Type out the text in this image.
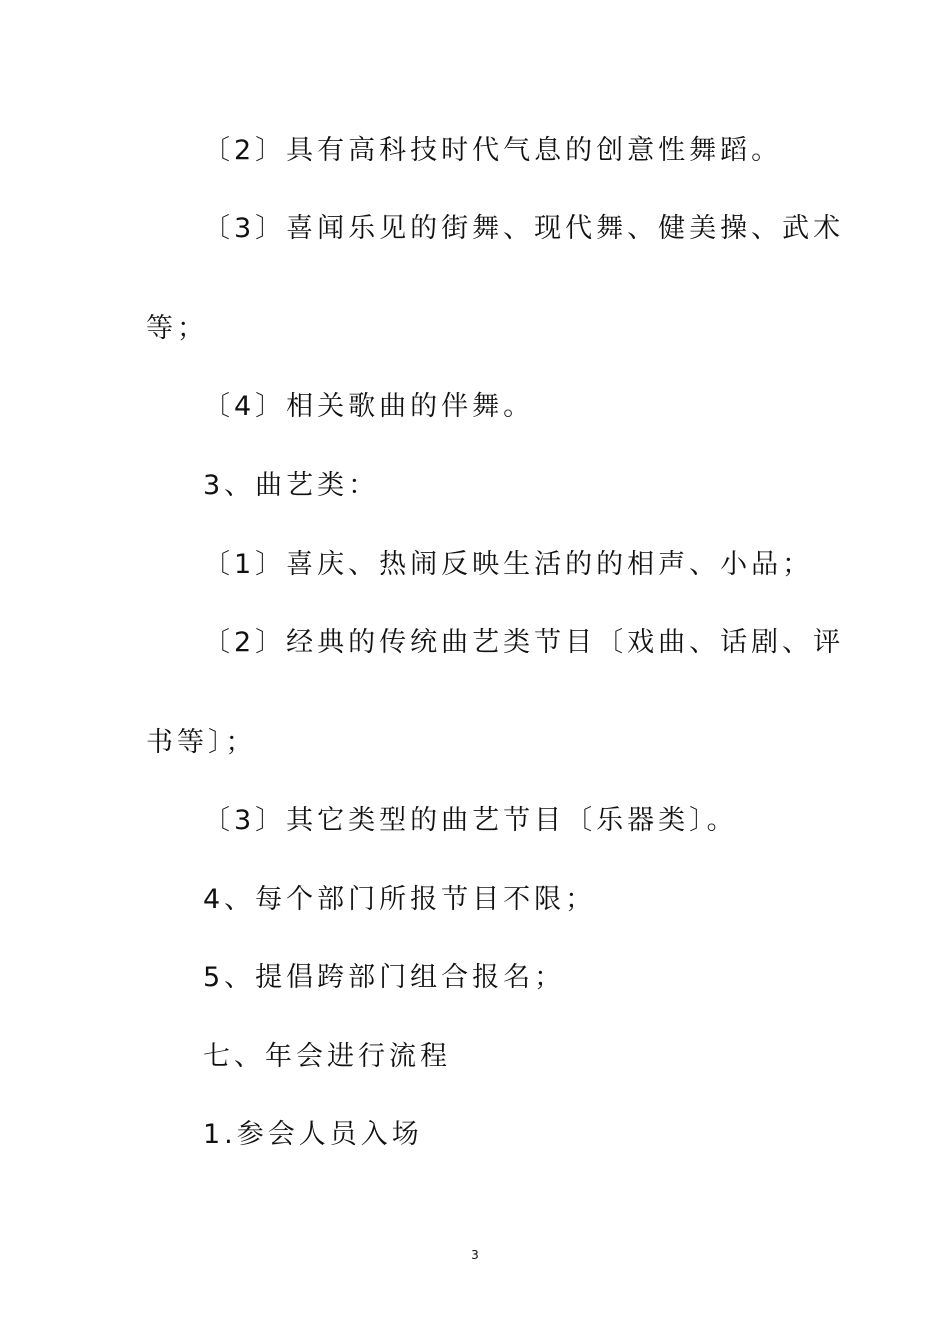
〔2〕具有高科技时代气息的创意性舞蹈。
〔3〕喜闻乐见的街舞、现代舞、健美操、武术
等；
〔4〕相关歌曲的伴舞。
3、曲艺类：
〔1〕喜庆、热闹反映生活的的相声、小品；
〔2〕经典的传统曲艺类节目〔戏曲、话剧、评
书等〕；
〔3〕其它类型的曲艺节目〔乐器类〕。
4、每个部门所报节目不限；
5、提倡跨部门组合报名；
七、年会进行流程
1.参会人员入场
3
